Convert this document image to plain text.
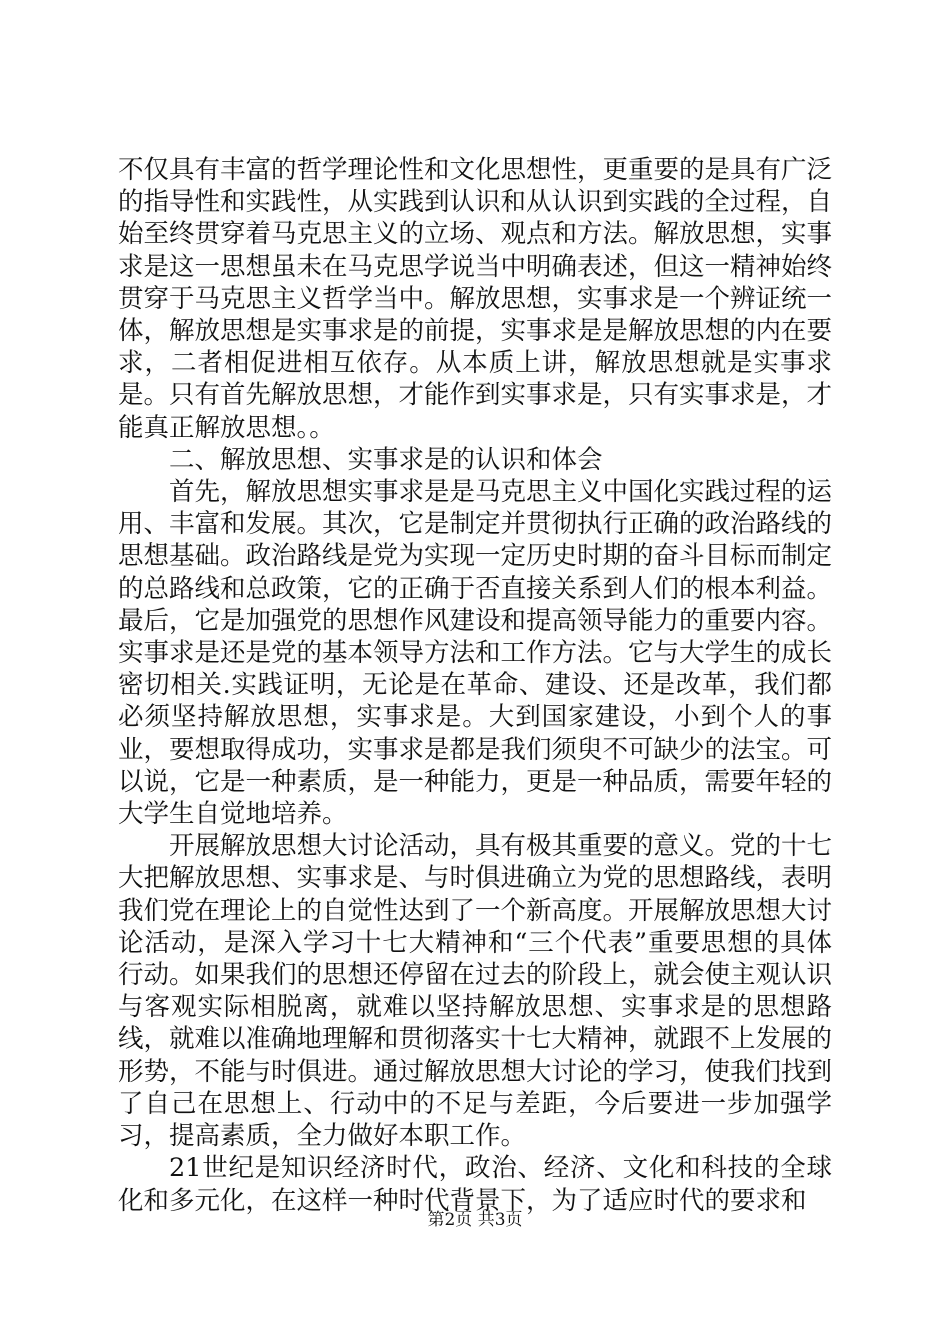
不仅具有丰富的哲学理论性和文化思想性，更重要的是具有广泛的指导性和实践性，从实践到认识和从认识到实践的全过程，自始至终贯穿着马克思主义的立场、观点和方法。解放思想，实事求是这一思想虽未在马克思学说当中明确表述，但这一精神始终贯穿于马克思主义哲学当中。解放思想，实事求是一个辨证统一体，解放思想是实事求是的前提，实事求是是解放思想的内在要求，二者相促进相互依存。从本质上讲，解放思想就是实事求是。只有首先解放思想，才能作到实事求是，只有实事求是，才能真正解放思想。。

二、解放思想、实事求是的认识和体会

首先，解放思想实事求是是马克思主义中国化实践过程的运用、丰富和发展。其次，它是制定并贯彻执行正确的政治路线的思想基础。政治路线是党为实现一定历史时期的奋斗目标而制定的总路线和总政策，它的正确于否直接关系到人们的根本利益。最后，它是加强党的思想作风建设和提高领导能力的重要内容。实事求是还是党的基本领导方法和工作方法。它与大学生的成长密切相关.实践证明，无论是在革命、建设、还是改革，我们都必须坚持解放思想，实事求是。大到国家建设，小到个人的事业，要想取得成功，实事求是都是我们须臾不可缺少的法宝。可以说，它是一种素质，是一种能力，更是一种品质，需要年轻的大学生自觉地培养。

开展解放思想大讨论活动，具有极其重要的意义。党的十七大把解放思想、实事求是、与时俱进确立为党的思想路线，表明我们党在理论上的自觉性达到了一个新高度。开展解放思想大讨论活动，是深入学习十七大精神和“三个代表”重要思想的具体行动。如果我们的思想还停留在过去的阶段上，就会使主观认识与客观实际相脱离，就难以坚持解放思想、实事求是的思想路线，就难以准确地理解和贯彻落实十七大精神，就跟不上发展的形势，不能与时俱进。通过解放思想大讨论的学习，使我们找到了自己在思想上、行动中的不足与差距，今后要进一步加强学习，提高素质，全力做好本职工作。

21世纪是知识经济时代，政治、经济、文化和科技的全球化和多元化，在这样一种时代背景下，为了适应时代的要求和

第2页 共3页
